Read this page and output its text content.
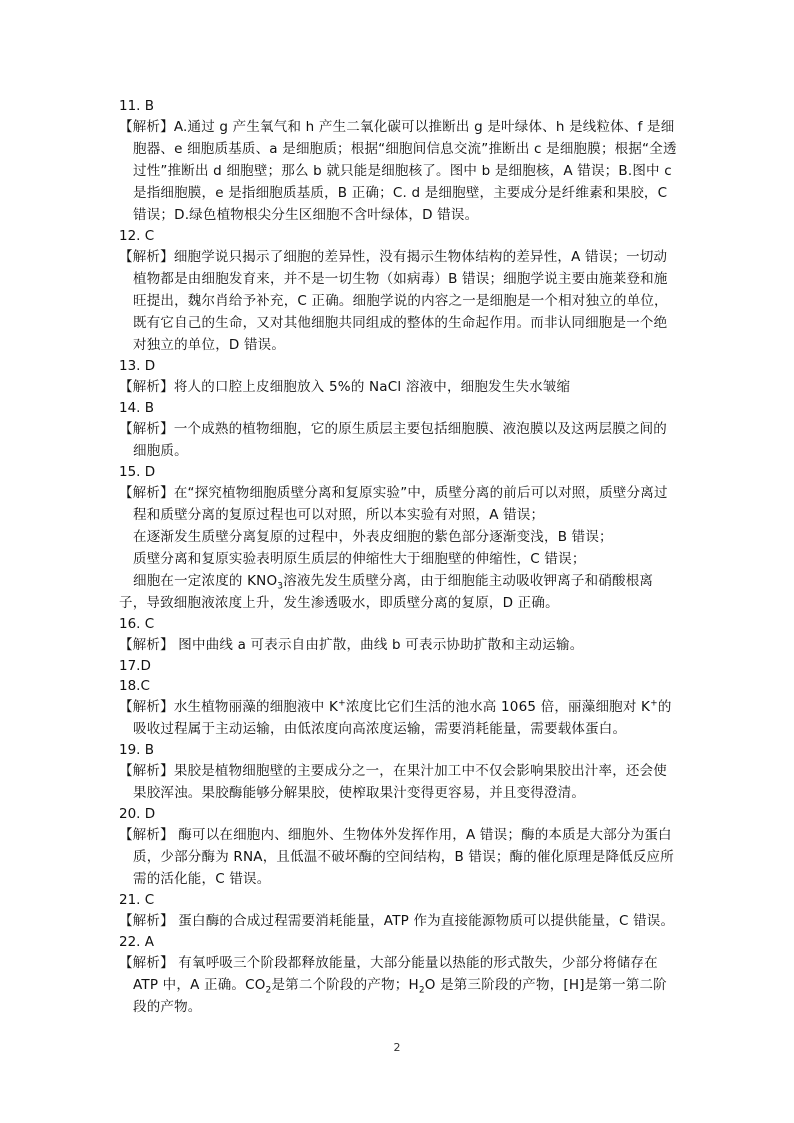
11. B
【解析】A.通过 g 产生氧气和 h 产生二氧化碳可以推断出 g 是叶绿体、h 是线粒体、f 是细胞器、e 细胞质基质、a 是细胞质；根据“细胞间信息交流”推断出 c 是细胞膜；根据“全透过性”推断出 d 细胞壁；那么 b 就只能是细胞核了。图中 b 是细胞核，A 错误；B.图中 c 是指细胞膜，e 是指细胞质基质，B 正确；C. d 是细胞壁，主要成分是纤维素和果胶，C 错误；D.绿色植物根尖分生区细胞不含叶绿体，D 错误。
12. C
【解析】细胞学说只揭示了细胞的差异性，没有揭示生物体结构的差异性，A 错误；一切动植物都是由细胞发育来，并不是一切生物（如病毒）B 错误；细胞学说主要由施莱登和施旺提出，魏尔肖给予补充，C 正确。细胞学说的内容之一是细胞是一个相对独立的单位，既有它自己的生命，又对其他细胞共同组成的整体的生命起作用。而非认同细胞是一个绝对独立的单位，D 错误。
13. D
【解析】将人的口腔上皮细胞放入 5%的 NaCl 溶液中，细胞发生失水皱缩
14. B
【解析】一个成熟的植物细胞，它的原生质层主要包括细胞膜、液泡膜以及这两层膜之间的细胞质。
15. D
【解析】在“探究植物细胞质壁分离和复原实验”中，质壁分离的前后可以对照，质壁分离过程和质壁分离的复原过程也可以对照，所以本实验有对照，A 错误；
在逐渐发生质壁分离复原的过程中，外表皮细胞的紫色部分逐渐变浅，B 错误；
质壁分离和复原实验表明原生质层的伸缩性大于细胞壁的伸缩性，C 错误；
细胞在一定浓度的 $KNO_3$溶液先发生质壁分离，由于细胞能主动吸收钾离子和硝酸根离子，导致细胞液浓度上升，发生渗透吸水，即质壁分离的复原，D 正确。
16. C
【解析】 图中曲线 a 可表示自由扩散，曲线 b 可表示协助扩散和主动运输。
17.D
18.C
【解析】水生植物丽藻的细胞液中 K+浓度比它们生活的池水高 1065 倍，丽藻细胞对 K+的吸收过程属于主动运输，由低浓度向高浓度运输，需要消耗能量，需要载体蛋白。
19. B
【解析】果胶是植物细胞壁的主要成分之一，在果汁加工中不仅会影响果胶出汁率，还会使果胶浑浊。果胶酶能够分解果胶，使榨取果汁变得更容易，并且变得澄清。
20. D
【解析】 酶可以在细胞内、细胞外、生物体外发挥作用，A 错误；酶的本质是大部分为蛋白质，少部分酶为 RNA，且低温不破坏酶的空间结构，B 错误；酶的催化原理是降低反应所需的活化能，C 错误。
21. C
【解析】 蛋白酶的合成过程需要消耗能量，ATP 作为直接能源物质可以提供能量，C 错误。
22. A
【解析】 有氧呼吸三个阶段都释放能量，大部分能量以热能的形式散失，少部分将储存在 ATP 中，A 正确。$CO_2$是第二个阶段的产物；$H_2O$ 是第三阶段的产物，[H]是第一第二阶段的产物。
2
